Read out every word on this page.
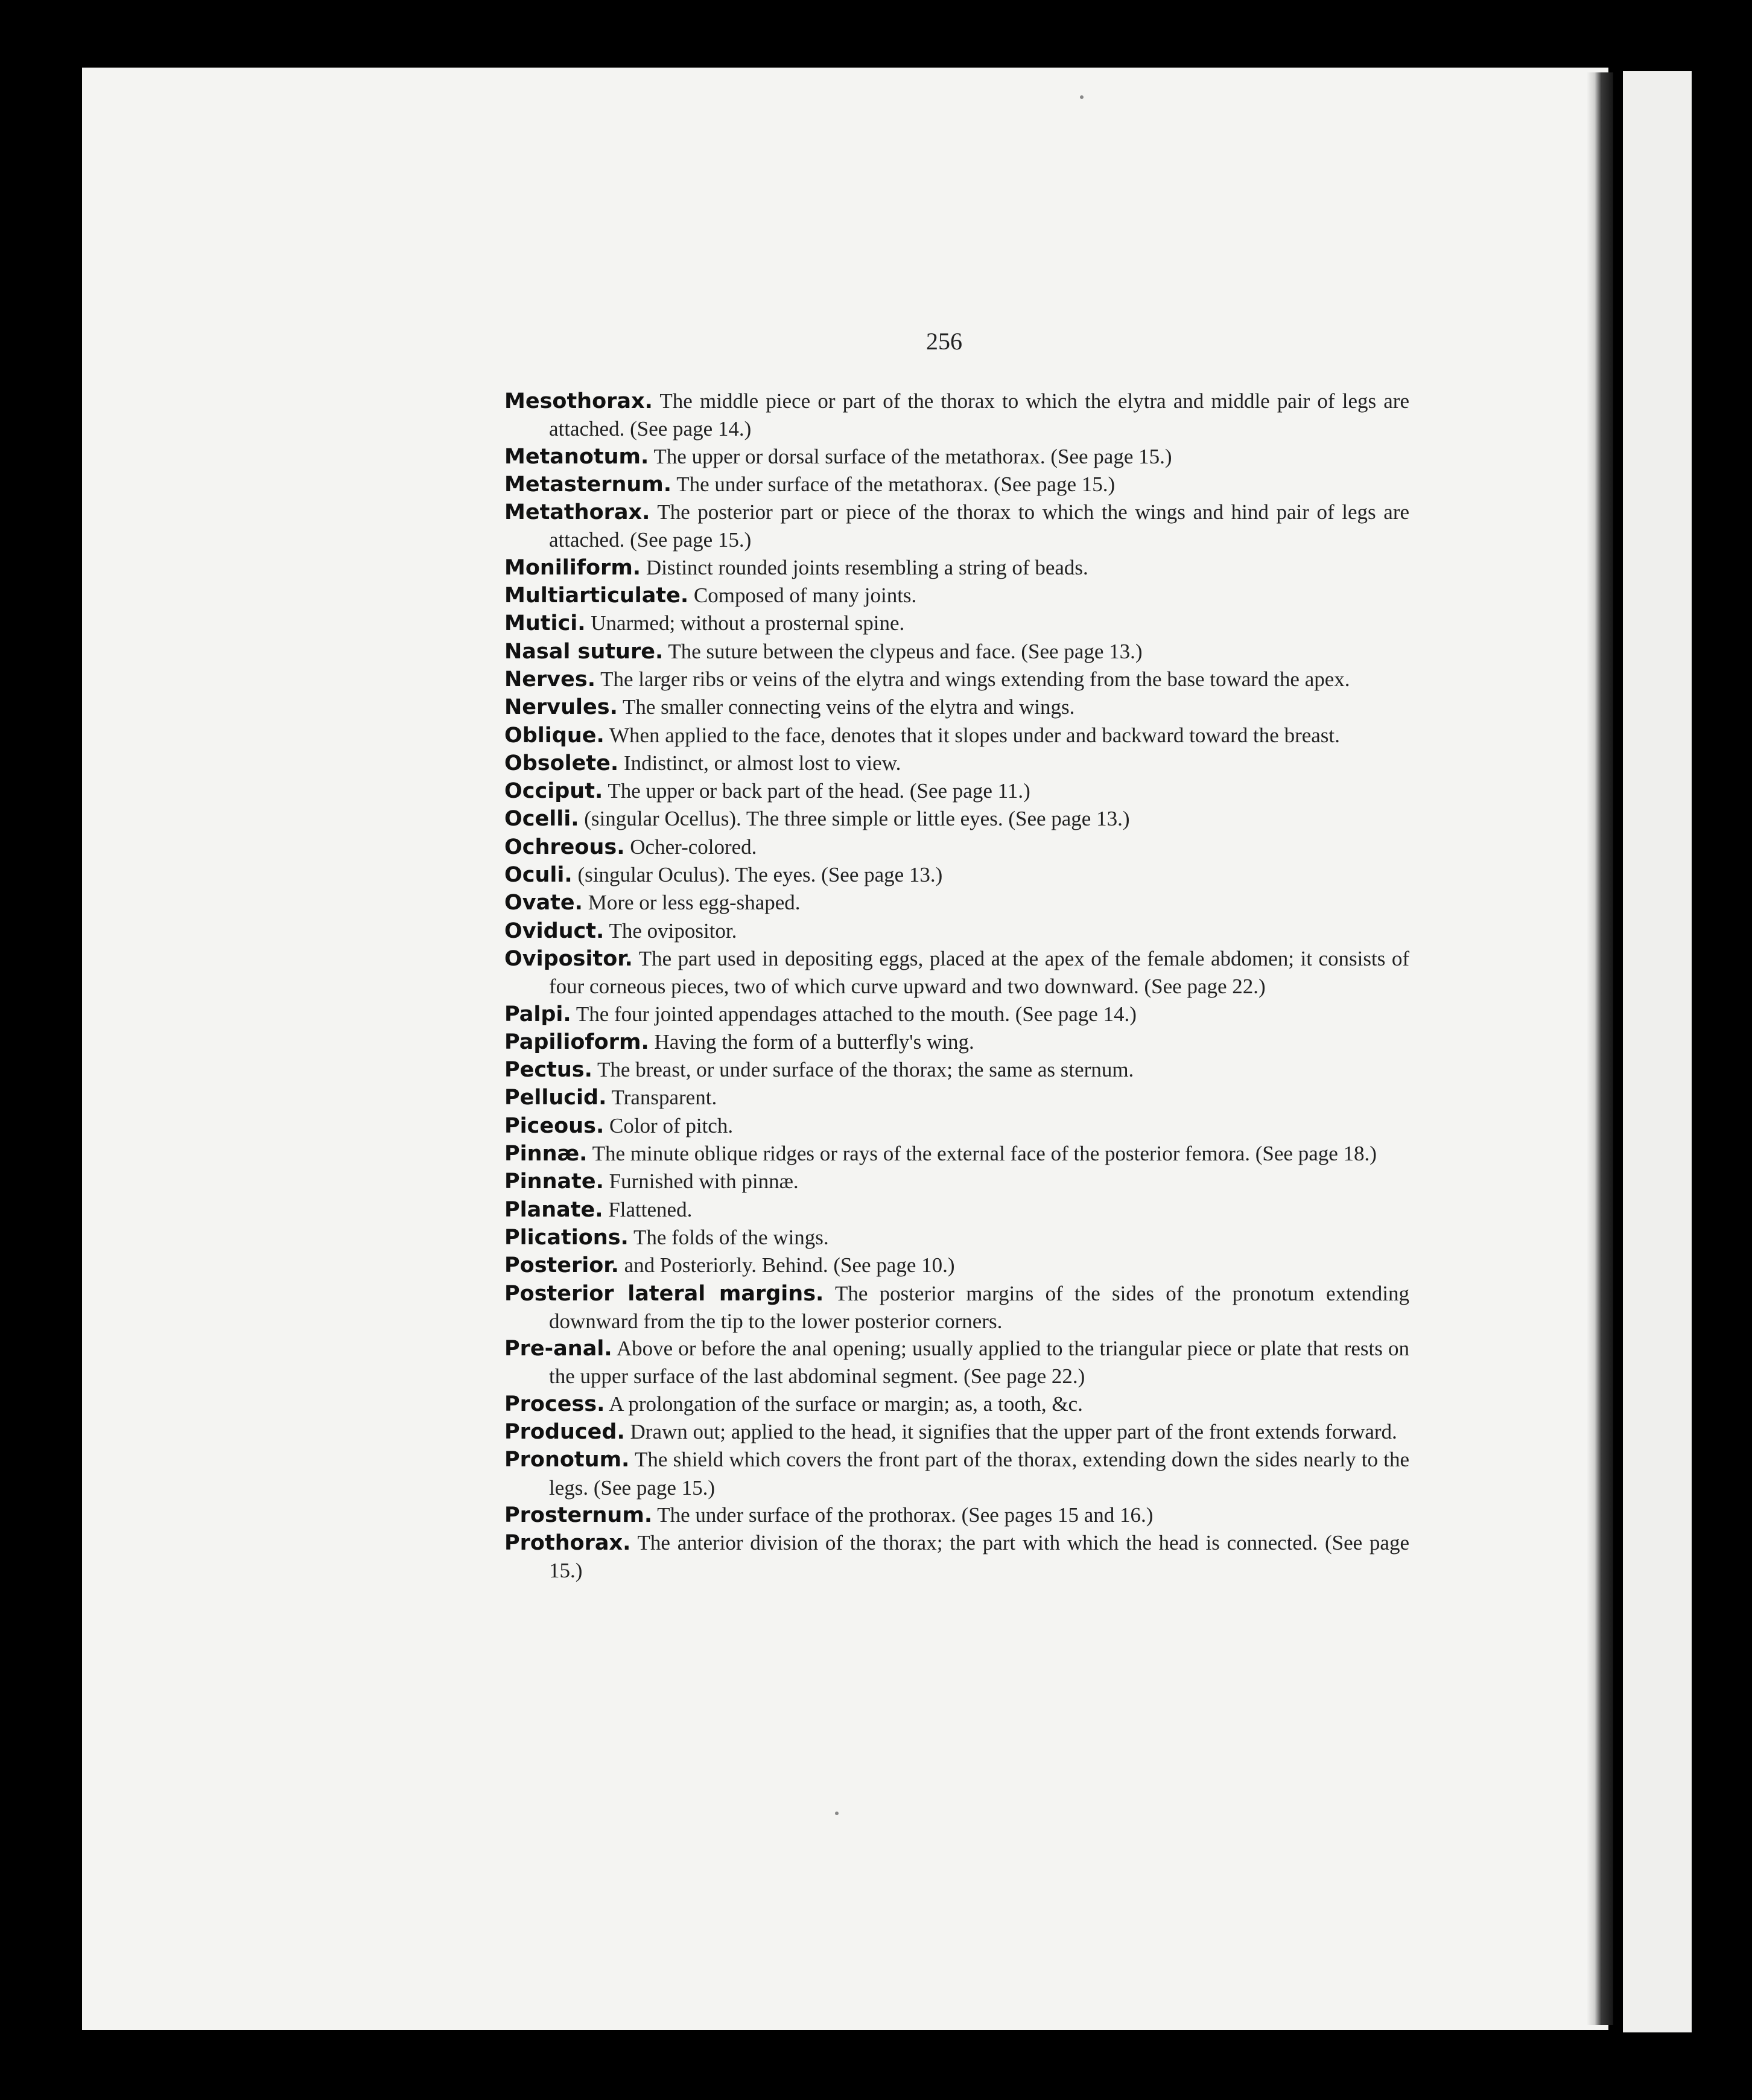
256
Mesothorax . The middle piece or part of the thorax to which the elytra and middle pair of legs are attached. (See page 14.)
Metanotum . The upper or dorsal surface of the metathorax. (See page 15.)
Metasternum . The under surface of the metathorax. (See page 15.)
Metathorax . The posterior part or piece of the thorax to which the wings and hind pair of legs are attached. (See page 15.)
Moniliform . Distinct rounded joints resembling a string of beads.
Multiarticulate . Composed of many joints.
Mutici . Unarmed; without a prosternal spine.
Nasal suture . The suture between the clypeus and face. (See page 13.)
Nerves . The larger ribs or veins of the elytra and wings extending from the base toward the apex.
Nervules . The smaller connecting veins of the elytra and wings.
Oblique . When applied to the face, denotes that it slopes under and backward toward the breast.
Obsolete . Indistinct, or almost lost to view.
Occiput . The upper or back part of the head. (See page 11.)
Ocelli . (singular Ocellus). The three simple or little eyes. (See page 13.)
Ochreous . Ocher-colored.
Oculi . (singular Oculus). The eyes. (See page 13.)
Ovate . More or less egg-shaped.
Oviduct . The ovipositor.
Ovipositor . The part used in depositing eggs, placed at the apex of the female abdomen; it consists of four corneous pieces, two of which curve upward and two downward. (See page 22.)
Palpi . The four jointed appendages attached to the mouth. (See page 14.)
Papilioform . Having the form of a butterfly's wing.
Pectus . The breast, or under surface of the thorax; the same as sternum.
Pellucid . Transparent.
Piceous . Color of pitch.
Pinnæ . The minute oblique ridges or rays of the external face of the posterior femora. (See page 18.)
Pinnate . Furnished with pinnæ.
Planate . Flattened.
Plications . The folds of the wings.
Posterior . and Posteriorly. Behind. (See page 10.)
Posterior lateral margins . The posterior margins of the sides of the pronotum extending downward from the tip to the lower posterior corners.
Pre-anal . Above or before the anal opening; usually applied to the triangular piece or plate that rests on the upper surface of the last abdominal segment. (See page 22.)
Process . A prolongation of the surface or margin; as, a tooth, &c.
Produced . Drawn out; applied to the head, it signifies that the upper part of the front extends forward.
Pronotum . The shield which covers the front part of the thorax, extending down the sides nearly to the legs. (See page 15.)
Prosternum . The under surface of the prothorax. (See pages 15 and 16.)
Prothorax . The anterior division of the thorax; the part with which the head is connected. (See page 15.)
